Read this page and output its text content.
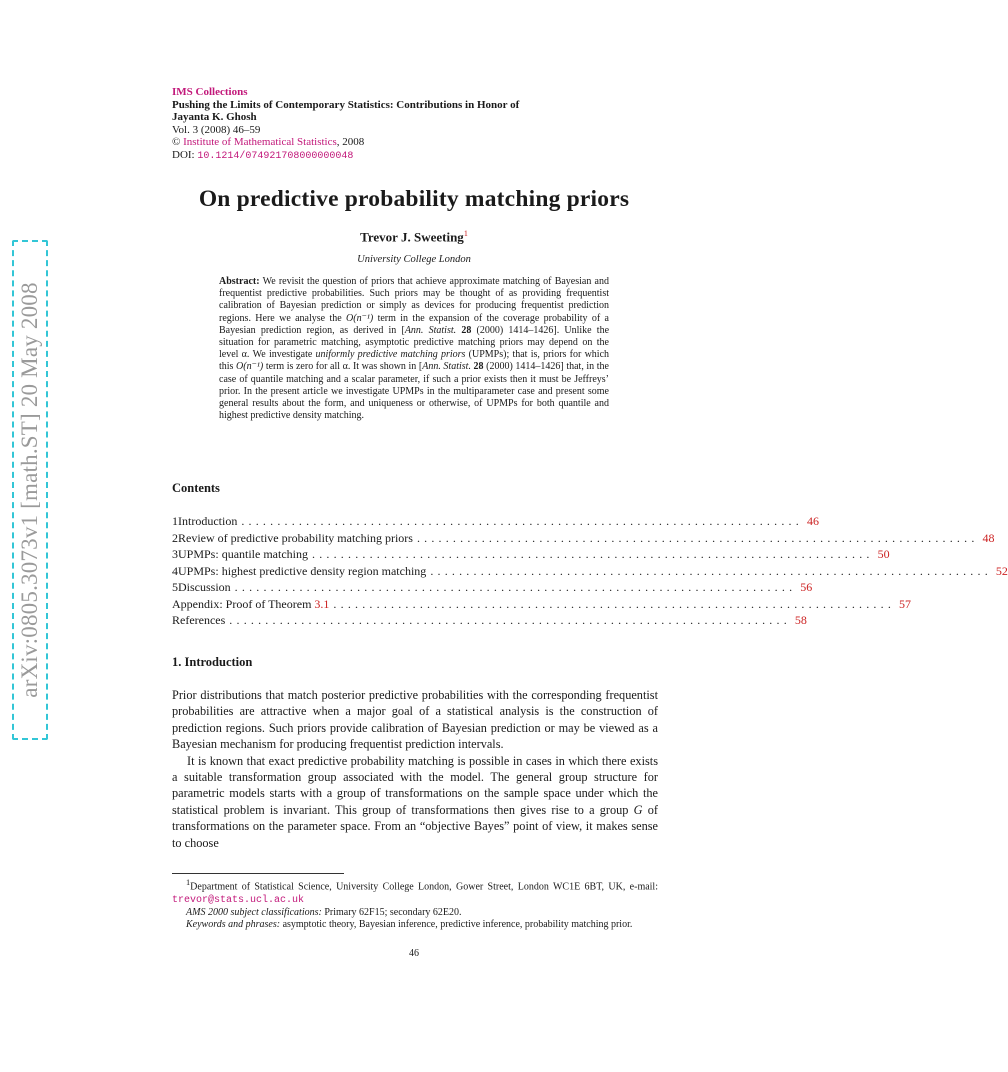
arXiv:0805.3073v1 [math.ST] 20 May 2008
IMS Collections
Pushing the Limits of Contemporary Statistics: Contributions in Honor of
Jayanta K. Ghosh
Vol. 3 (2008) 46–59
© Institute of Mathematical Statistics, 2008
DOI: 10.1214/074921708000000048
On predictive probability matching priors
Trevor J. Sweeting$^1$
University College London
Abstract: We revisit the question of priors that achieve approximate matching of Bayesian and frequentist predictive probabilities. Such priors may be thought of as providing frequentist calibration of Bayesian prediction or simply as devices for producing frequentist prediction regions. Here we analyse the O(n⁻¹) term in the expansion of the coverage probability of a Bayesian prediction region, as derived in [Ann. Statist. 28 (2000) 1414–1426]. Unlike the situation for parametric matching, asymptotic predictive matching priors may depend on the level α. We investigate uniformly predictive matching priors (UPMPs); that is, priors for which this O(n⁻¹) term is zero for all α. It was shown in [Ann. Statist. 28 (2000) 1414–1426] that, in the case of quantile matching and a scalar parameter, if such a prior exists then it must be Jeffreys’ prior. In the present article we investigate UPMPs in the multiparameter case and present some general results about the form, and uniqueness or otherwise, of UPMPs for both quantile and highest predictive density matching.
Contents
1 Introduction .............................................................................. 46
2 Review of predictive probability matching priors .............................................................................. 48
3 UPMPs: quantile matching .............................................................................. 50
4 UPMPs: highest predictive density region matching .............................................................................. 52
5 Discussion .............................................................................. 56
Appendix: Proof of Theorem 3.1 .............................................................................. 57
References .............................................................................. 58
1. Introduction

Prior distributions that match posterior predictive probabilities with the corresponding frequentist probabilities are attractive when a major goal of a statistical analysis is the construction of prediction regions. Such priors provide calibration of Bayesian prediction or may be viewed as a Bayesian mechanism for producing frequentist prediction intervals.

It is known that exact predictive probability matching is possible in cases in which there exists a suitable transformation group associated with the model. The general group structure for parametric models starts with a group of transformations on the sample space under which the statistical problem is invariant. This group of transformations then gives rise to a group G of transformations on the parameter space. From an “objective Bayes” point of view, it makes sense to choose

$^1$Department of Statistical Science, University College London, Gower Street, London WC1E 6BT, UK, e-mail: trevor@stats.ucl.ac.uk

AMS 2000 subject classifications: Primary 62F15; secondary 62E20.

Keywords and phrases: asymptotic theory, Bayesian inference, predictive inference, probability matching prior.

46
